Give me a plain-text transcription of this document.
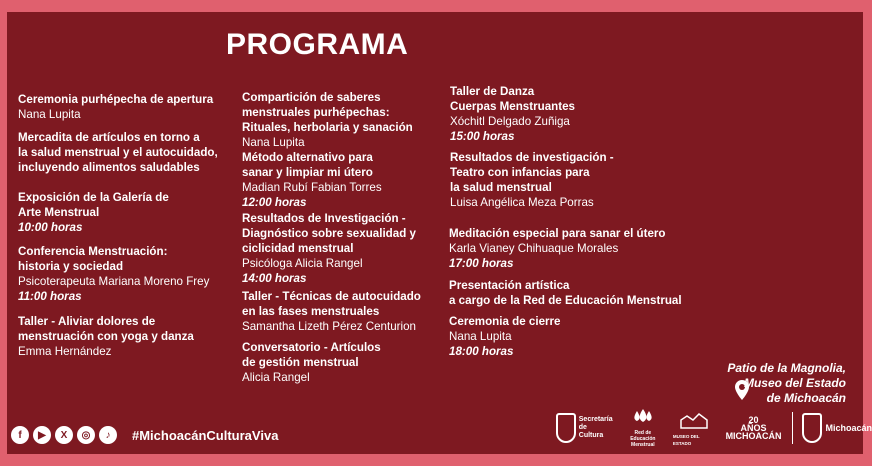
PROGRAMA
Ceremonia purhépecha de apertura
Nana Lupita
Mercadita de artículos en torno a
la salud menstrual y el autocuidado,
incluyendo alimentos saludables
Exposición de la Galería de
Arte Menstrual
10:00 horas
Conferencia Menstruación:
historia y sociedad
Psicoterapeuta Mariana Moreno Frey
11:00 horas
Taller - Aliviar dolores de
menstruación con yoga y danza
Emma Hernández
Compartición de saberes
menstruales purhépechas:
Rituales, herbolaria y sanación
Nana Lupita
Método alternativo para
sanar y limpiar mi útero
Madian Rubí Fabian Torres
12:00 horas
Resultados de Investigación -
Diagnóstico sobre sexualidad y
ciclicidad menstrual
Psicóloga Alicia Rangel
14:00 horas
Taller - Técnicas de autocuidado
en las fases menstruales
Samantha Lizeth Pérez Centurion
Conversatorio - Artículos
de gestión menstrual
Alicia Rangel
Taller de Danza
Cuerpas Menstruantes
Xóchitl Delgado Zuñiga
15:00 horas
Resultados de investigación -
Teatro con infancias para
la salud menstrual
Luisa Angélica Meza Porras
Meditación especial para sanar el útero
Karla Vianey Chihuaque Morales
17:00 horas
Presentación artística
a cargo de la Red de Educación Menstrual
Ceremonia de cierre
Nana Lupita
18:00 horas
Patio de la Magnolia,
Museo del Estado
de Michoacán
f	▶	X	◎	♪	#MichoacánCulturaViva
Secretaría
de Cultura	Red de Educación
Menstrual
MUSEO DEL ESTADO
20
AÑOS
MICHOACÁN
Michoacán
